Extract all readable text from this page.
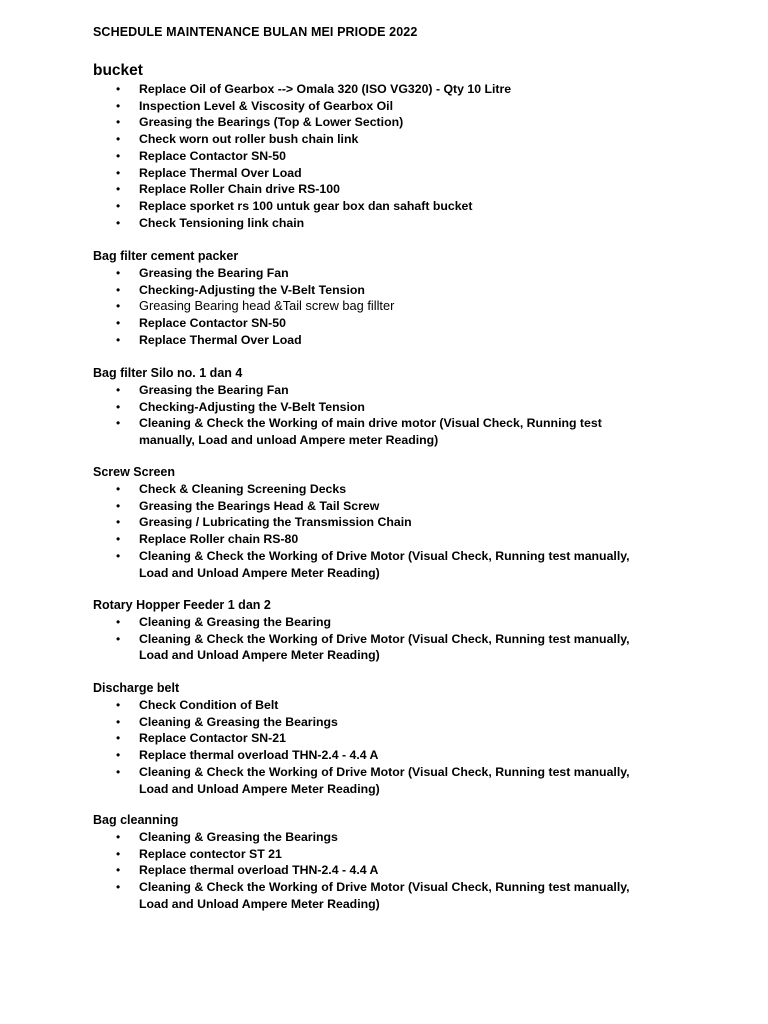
SCHEDULE MAINTENANCE BULAN MEI PRIODE 2022
bucket
• Replace Oil of Gearbox --> Omala 320 (ISO VG320) - Qty 10 Litre
• Inspection Level & Viscosity of Gearbox Oil
• Greasing the Bearings (Top & Lower Section)
• Check worn out roller bush chain link
• Replace Contactor SN-50
• Replace Thermal Over Load
• Replace Roller Chain drive RS-100
• Replace sporket rs 100 untuk gear box dan sahaft bucket
• Check Tensioning link chain
Bag filter cement packer
• Greasing the Bearing Fan
• Checking-Adjusting the V-Belt Tension
• Greasing Bearing head &Tail screw bag fillter
• Replace Contactor SN-50
• Replace Thermal Over Load
Bag filter Silo no. 1 dan 4
• Greasing the Bearing Fan
• Checking-Adjusting the V-Belt Tension
• Cleaning & Check the Working of main drive motor (Visual Check, Running test manually, Load and unload Ampere meter Reading)
Screw Screen
• Check & Cleaning Screening Decks
• Greasing the Bearings Head & Tail Screw
• Greasing / Lubricating the Transmission Chain
• Replace Roller chain RS-80
• Cleaning & Check the Working of Drive Motor (Visual Check, Running test manually, Load and Unload Ampere Meter Reading)
Rotary Hopper Feeder 1 dan 2
• Cleaning & Greasing the Bearing
• Cleaning & Check the Working of Drive Motor (Visual Check, Running test manually, Load and Unload Ampere Meter Reading)
Discharge belt
• Check Condition of Belt
• Cleaning & Greasing the Bearings
• Replace Contactor SN-21
• Replace thermal overload THN-2.4 - 4.4 A
• Cleaning & Check the Working of Drive Motor (Visual Check, Running test manually, Load and Unload Ampere Meter Reading)
Bag cleanning
• Cleaning & Greasing the Bearings
• Replace contector ST 21
• Replace thermal overload THN-2.4 - 4.4 A
• Cleaning & Check the Working of Drive Motor (Visual Check, Running test manually, Load and Unload Ampere Meter Reading)
